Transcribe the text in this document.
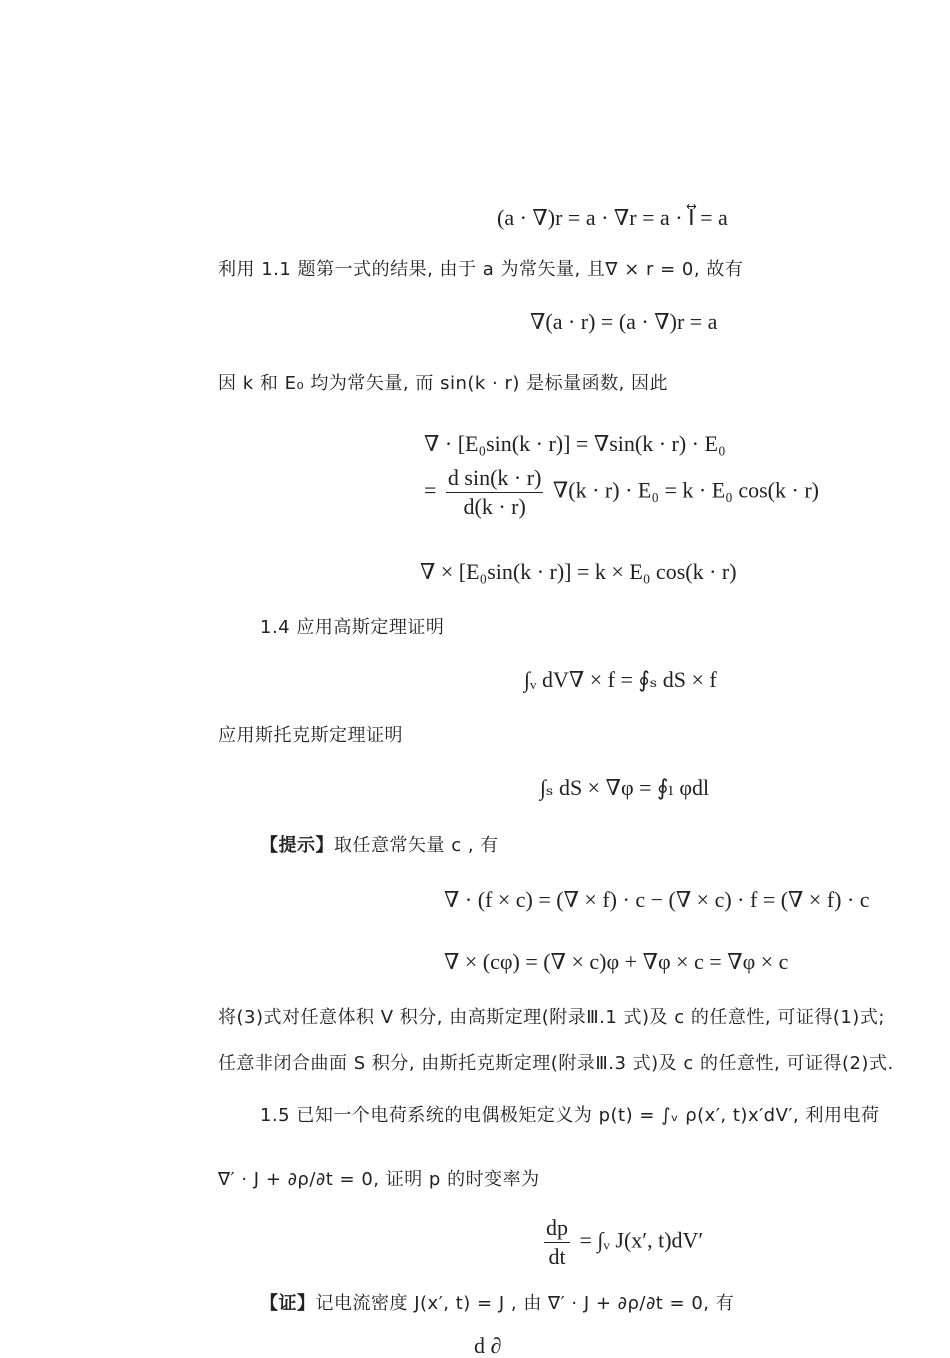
(a · ∇)r = a · ∇r = a · I⃡ = a
利用 1.1 题第一式的结果, 由于 a 为常矢量, 且∇ × r = 0, 故有
∇(a · r) = (a · ∇)r = a
因 k 和 E₀ 均为常矢量, 而 sin(k · r) 是标量函数, 因此
∇ · [E₀sin(k · r)] = ∇sin(k · r) · E₀
= $\frac{\text{d sin(k · r)}}{d(k \cdot r)} \nabla(k \cdot r) \cdot E_0 = k \cdot E_0$ cos(k · r)
∇ × [E₀sin(k · r)] = k × E₀ cos(k · r)
1.4 应用高斯定理证明
∫ᵥ dV∇ × f = ∮ₛ dS × f
应用斯托克斯定理证明
∫ₛ dS × ∇φ = ∮ₗ φdl
【提示】取任意常矢量 c , 有
∇ · (f × c) = (∇ × f) · c − (∇ × c) · f = (∇ × f) · c
∇ × (cφ) = (∇ × c)φ + ∇φ × c = ∇φ × c
将(3)式对任意体积 V 积分, 由高斯定理(附录Ⅲ.1 式)及 c 的任意性, 可证得(1)式;
任意非闭合曲面 S 积分, 由斯托克斯定理(附录Ⅲ.3 式)及 c 的任意性, 可证得(2)式.
1.5 已知一个电荷系统的电偶极矩定义为 p(t) = ∫ᵥ ρ(x′, t)x′dV′, 利用电荷
∇′ · J + ∂ρ/∂t = 0, 证明 p 的时变率为
$\frac{dp}{dt}$ = ∫ᵥ J(x′, t)dV′
【证】记电流密度 J(x′, t) = J , 由 ∇′ · J + ∂ρ/∂t = 0, 有
d ∂
